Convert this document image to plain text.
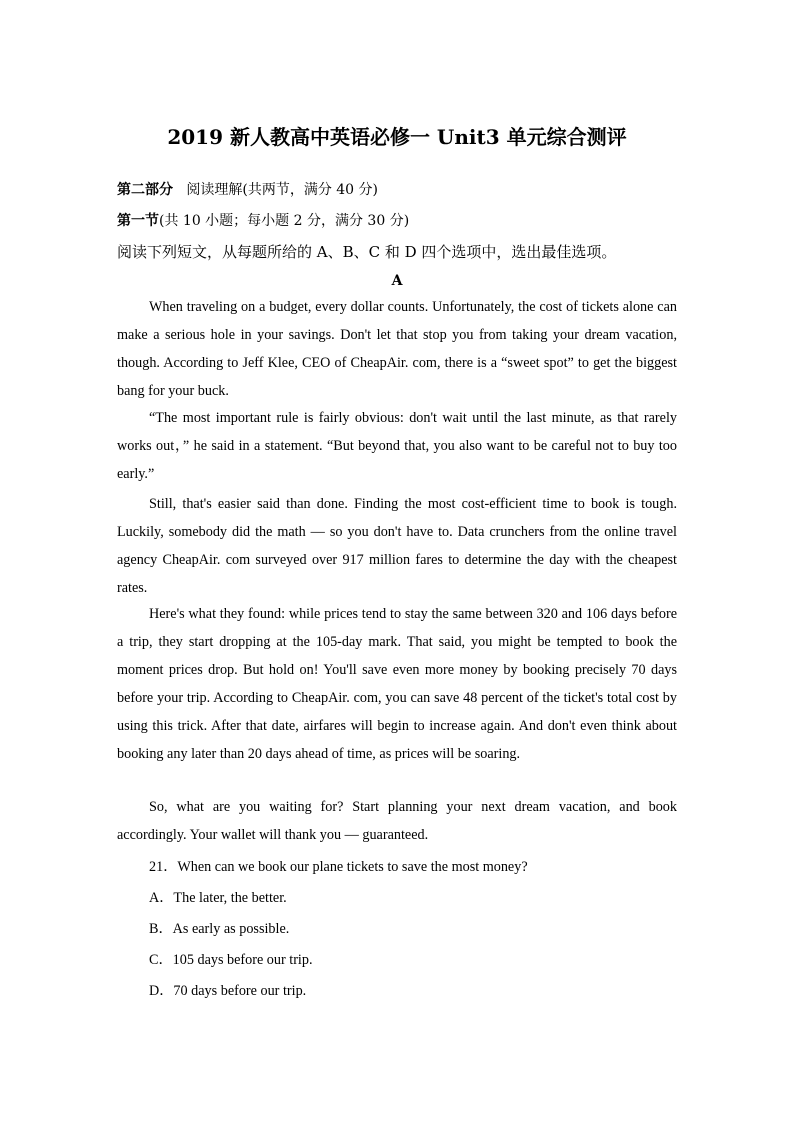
2019 新人教高中英语必修一 Unit3 单元综合测评
第二部分 阅读理解(共两节，满分 40 分)
第一节(共 10 小题；每小题 2 分，满分 30 分)
阅读下列短文，从每题所给的 A、B、C 和 D 四个选项中，选出最佳选项。
A
When traveling on a budget, every dollar counts. Unfortunately, the cost of tickets alone can make a serious hole in your savings. Don't let that stop you from taking your dream vacation, though. According to Jeff Klee, CEO of CheapAir. com, there is a “sweet spot” to get the biggest bang for your buck.
“The most important rule is fairly obvious: don't wait until the last minute, as that rarely works out，” he said in a statement. “But beyond that, you also want to be careful not to buy too early.”
Still, that's easier said than done. Finding the most cost-efficient time to book is tough. Luckily, somebody did the math — so you don't have to. Data crunchers from the online travel agency CheapAir. com surveyed over 917 million fares to determine the day with the cheapest rates.
Here's what they found: while prices tend to stay the same between 320 and 106 days before a trip, they start dropping at the 105-day mark. That said, you might be tempted to book the moment prices drop. But hold on! You'll save even more money by booking precisely 70 days before your trip. According to CheapAir. com, you can save 48 percent of the ticket's total cost by using this trick. After that date, airfares will begin to increase again. And don't even think about booking any later than 20 days ahead of time, as prices will be soaring.
So, what are you waiting for? Start planning your next dream vacation, and book accordingly. Your wallet will thank you — guaranteed.
21．When can we book our plane tickets to save the most money?
A．The later, the better.
B．As early as possible.
C．105 days before our trip.
D．70 days before our trip.
